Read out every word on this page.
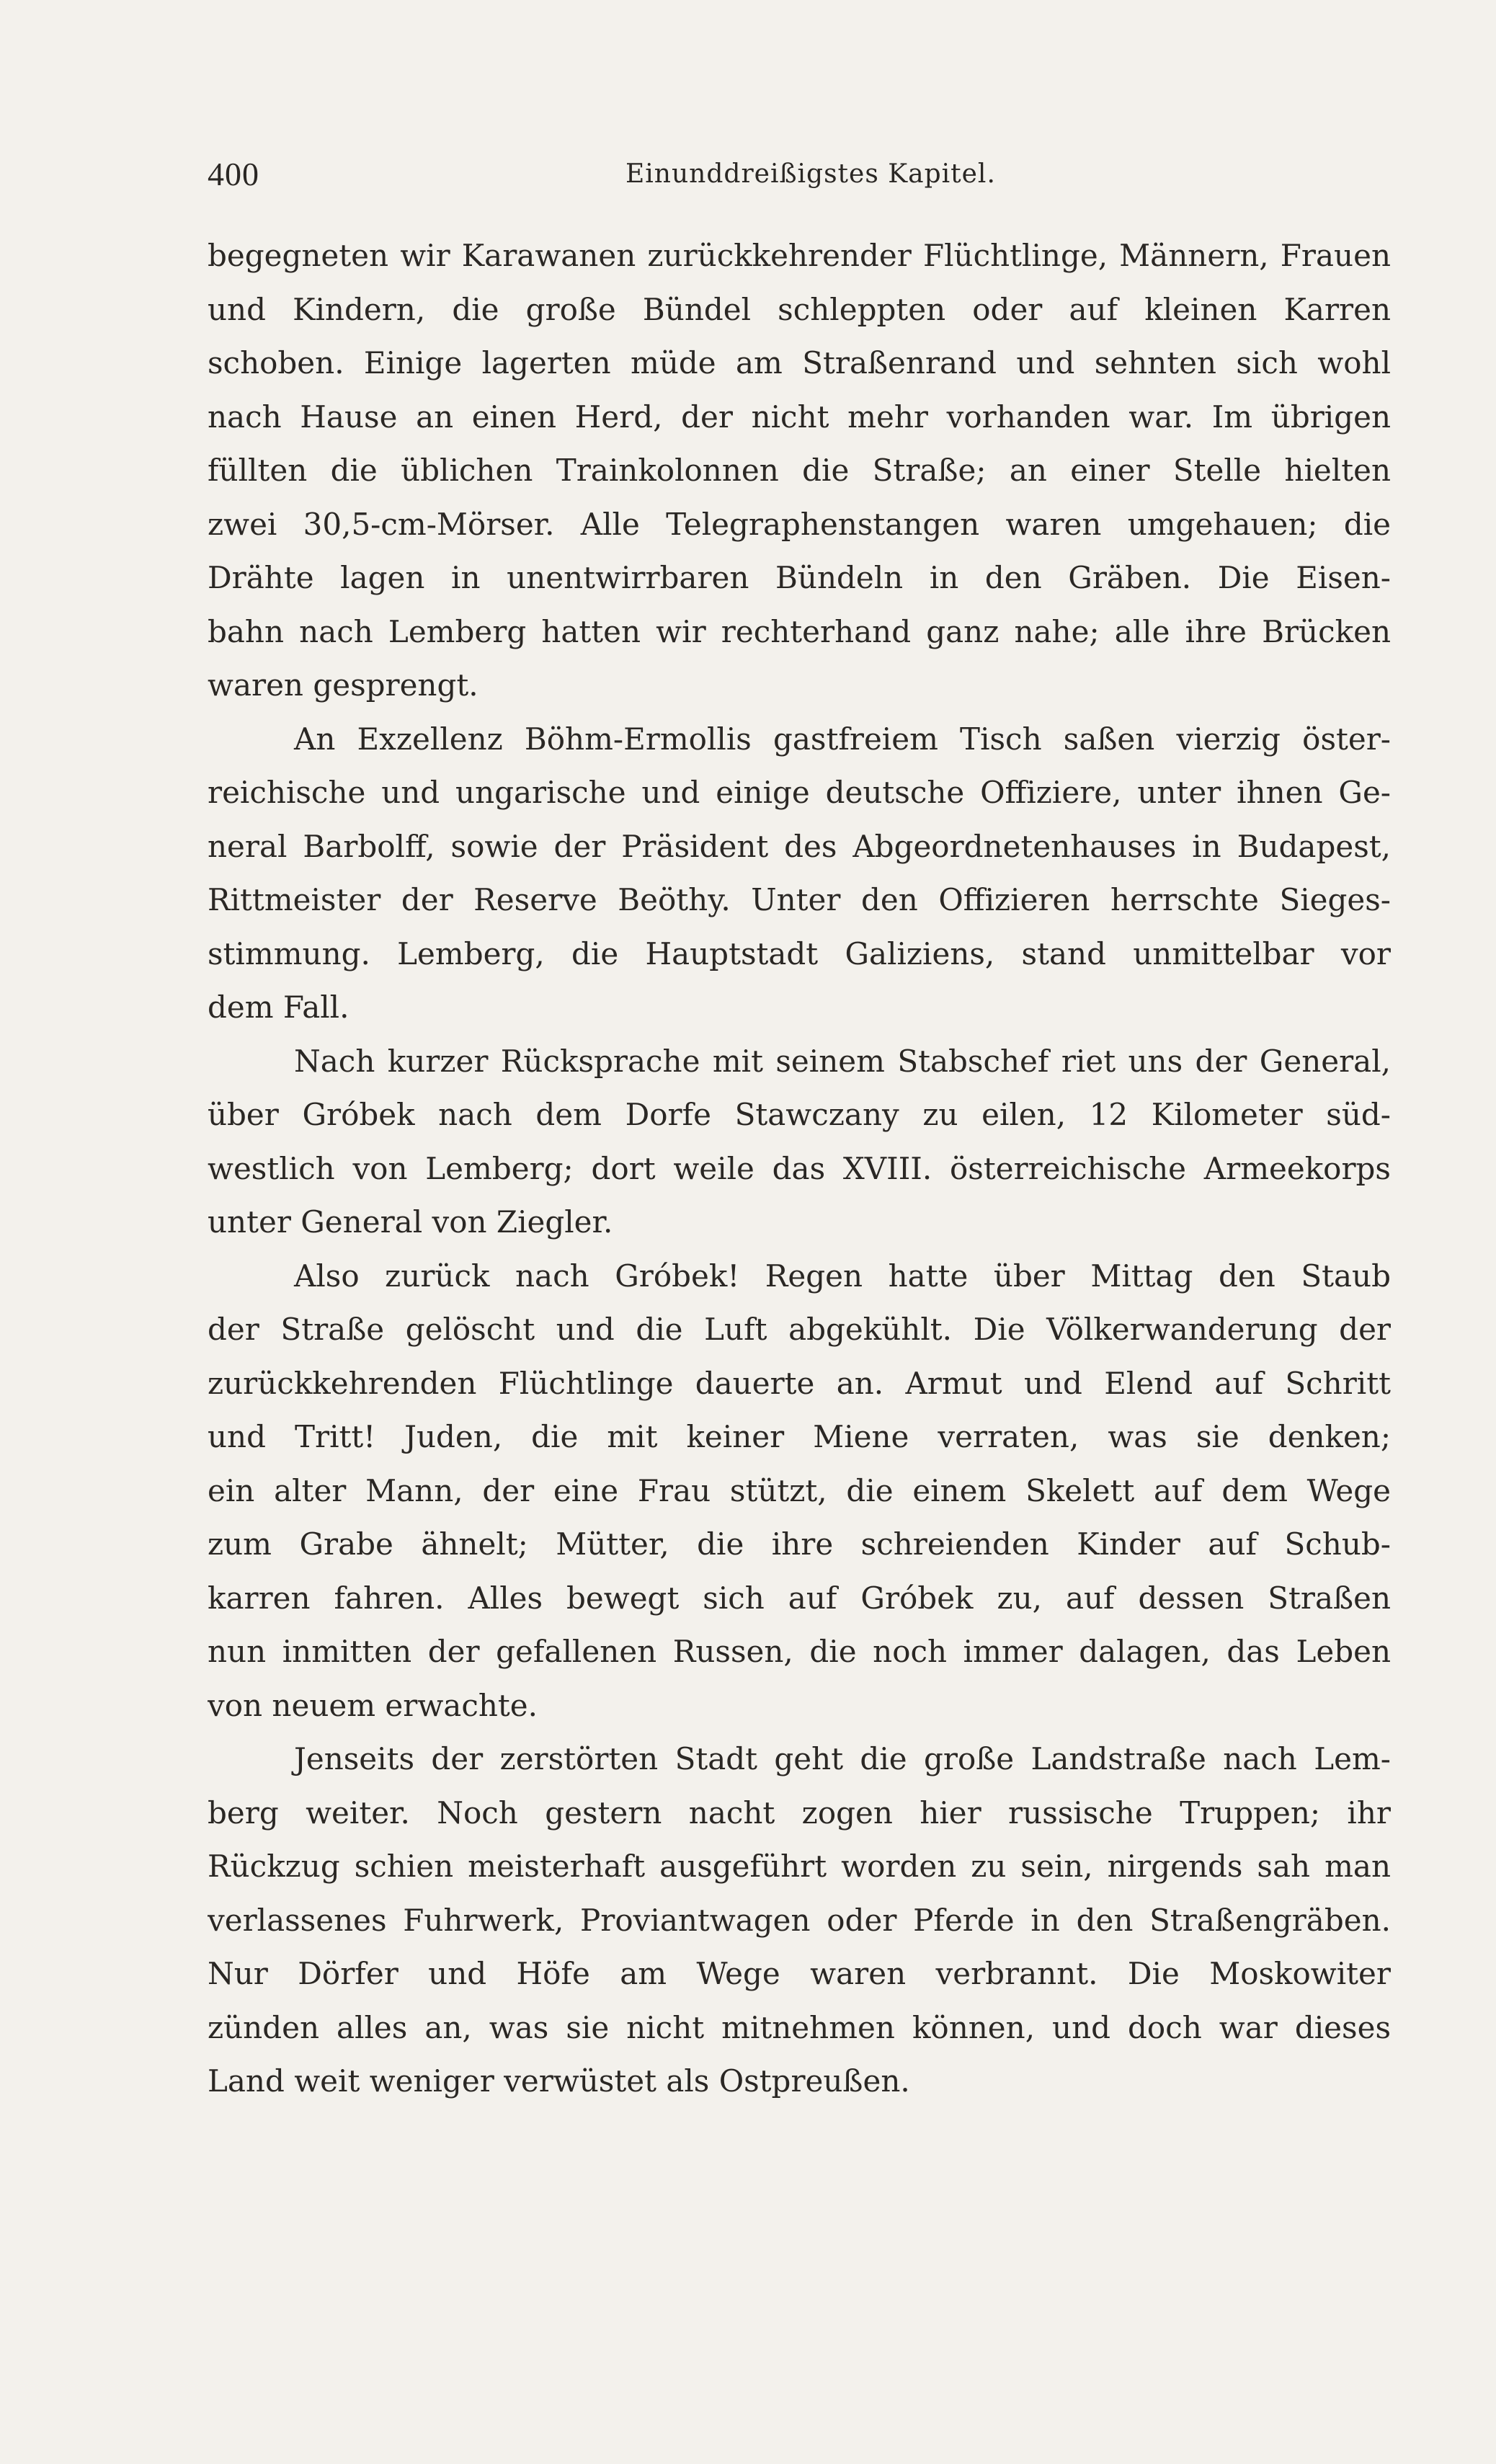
400	Einunddreißigstes Kapitel.
begegneten wir Karawanen zurückkehrender Flüchtlinge, Männern, Frauen
und Kindern, die große Bündel schleppten oder auf kleinen Karren
schoben. Einige lagerten müde am Straßenrand und sehnten sich wohl
nach Hause an einen Herd, der nicht mehr vorhanden war. Im übrigen
füllten die üblichen Trainkolonnen die Straße; an einer Stelle hielten
zwei 30,5-cm-Mörser. Alle Telegraphenstangen waren umgehauen; die
Drähte lagen in unentwirrbaren Bündeln in den Gräben. Die Eisen-
bahn nach Lemberg hatten wir rechterhand ganz nahe; alle ihre Brücken
waren gesprengt.
An Exzellenz Böhm-Ermollis gastfreiem Tisch saßen vierzig öster-
reichische und ungarische und einige deutsche Offiziere, unter ihnen Ge-
neral Barbolff, sowie der Präsident des Abgeordnetenhauses in Budapest,
Rittmeister der Reserve Beöthy. Unter den Offizieren herrschte Sieges-
stimmung. Lemberg, die Hauptstadt Galiziens, stand unmittelbar vor
dem Fall.
Nach kurzer Rücksprache mit seinem Stabschef riet uns der General,
über Gróbek nach dem Dorfe Stawczany zu eilen, 12 Kilometer süd-
westlich von Lemberg; dort weile das XVIII. österreichische Armeekorps
unter General von Ziegler.
Also zurück nach Gróbek! Regen hatte über Mittag den Staub
der Straße gelöscht und die Luft abgekühlt. Die Völkerwanderung der
zurückkehrenden Flüchtlinge dauerte an. Armut und Elend auf Schritt
und Tritt! Juden, die mit keiner Miene verraten, was sie denken;
ein alter Mann, der eine Frau stützt, die einem Skelett auf dem Wege
zum Grabe ähnelt; Mütter, die ihre schreienden Kinder auf Schub-
karren fahren. Alles bewegt sich auf Gróbek zu, auf dessen Straßen
nun inmitten der gefallenen Russen, die noch immer dalagen, das Leben
von neuem erwachte.
Jenseits der zerstörten Stadt geht die große Landstraße nach Lem-
berg weiter. Noch gestern nacht zogen hier russische Truppen; ihr
Rückzug schien meisterhaft ausgeführt worden zu sein, nirgends sah man
verlassenes Fuhrwerk, Proviantwagen oder Pferde in den Straßengräben.
Nur Dörfer und Höfe am Wege waren verbrannt. Die Moskowiter
zünden alles an, was sie nicht mitnehmen können, und doch war dieses
Land weit weniger verwüstet als Ostpreußen.
